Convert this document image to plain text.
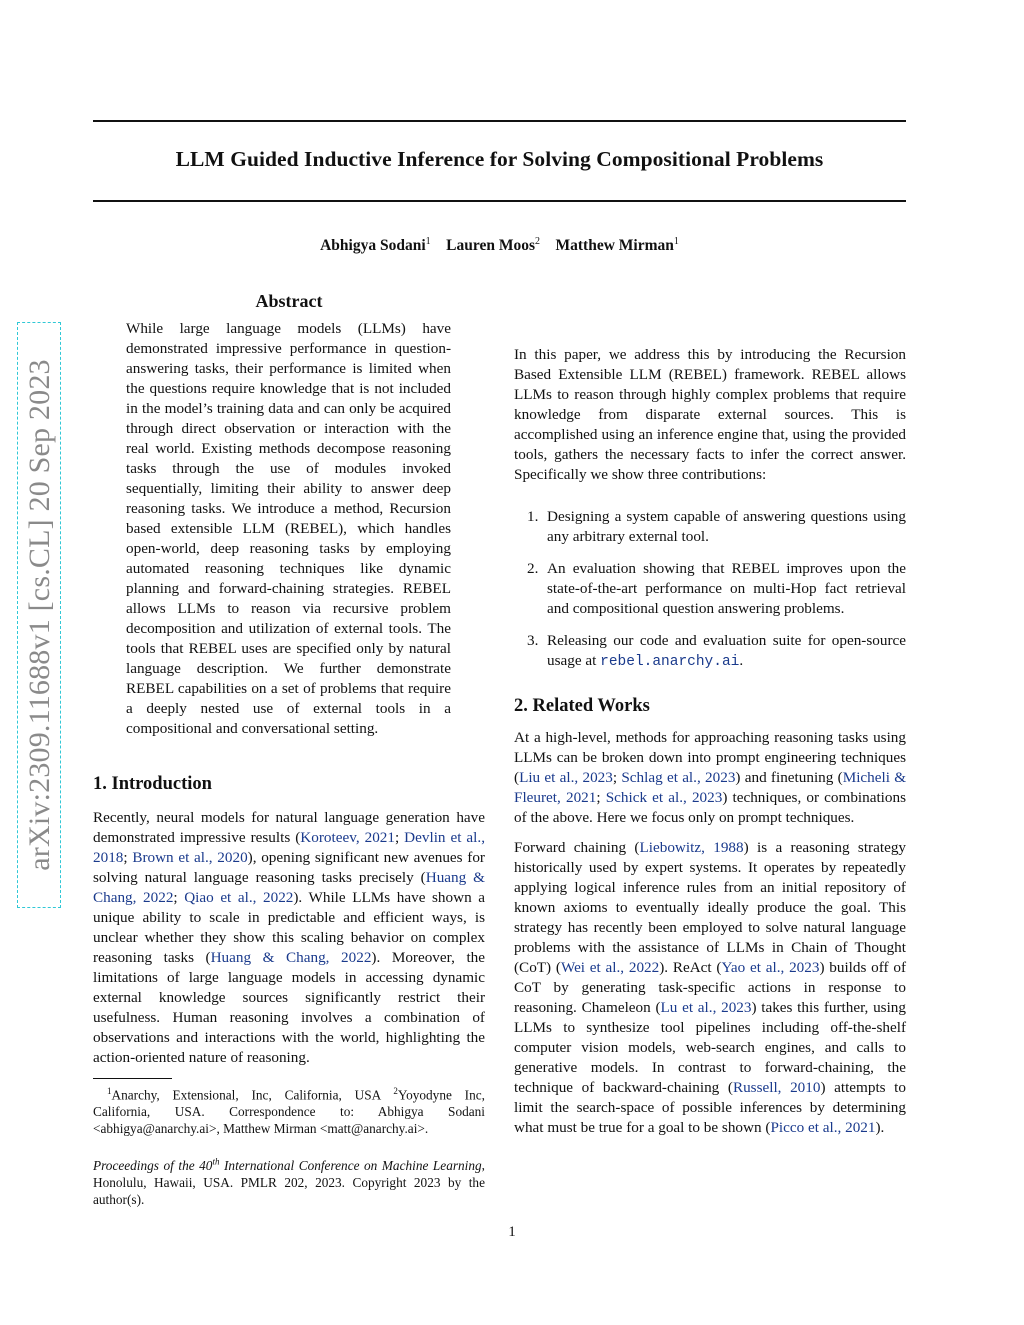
LLM Guided Inductive Inference for Solving Compositional Problems
Abhigya Sodani$^1$ Lauren Moos$^2$ Matthew Mirman$^1$
arXiv:2309.11688v1 [cs.CL] 20 Sep 2023
Abstract

While large language models (LLMs) have demonstrated impressive performance in question-answering tasks, their performance is limited when the questions require knowledge that is not included in the model’s training data and can only be acquired through direct observation or interaction with the real world. Existing methods decompose reasoning tasks through the use of modules invoked sequentially, limiting their ability to answer deep reasoning tasks. We introduce a method, Recursion based extensible LLM (REBEL), which handles open-world, deep reasoning tasks by employing automated reasoning techniques like dynamic planning and forward-chaining strategies. REBEL allows LLMs to reason via recursive problem decomposition and utilization of external tools. The tools that REBEL uses are specified only by natural language description. We further demonstrate REBEL capabilities on a set of problems that require a deeply nested use of external tools in a compositional and conversational setting.

1. Introduction

Recently, neural models for natural language generation have demonstrated impressive results (Koroteev, 2021; Devlin et al., 2018; Brown et al., 2020), opening significant new avenues for solving natural language reasoning tasks precisely (Huang & Chang, 2022; Qiao et al., 2022). While LLMs have shown a unique ability to scale in predictable and efficient ways, is unclear whether they show this scaling behavior on complex reasoning tasks (Huang & Chang, 2022). Moreover, the limitations of large language models in accessing dynamic external knowledge sources significantly restrict their usefulness. Human reasoning involves a combination of observations and interactions with the world, highlighting the action-oriented nature of reasoning.

$^1$Anarchy, Extensional, Inc, California, USA $^2$Yoyodyne Inc, California, USA. Correspondence to: Abhigya Sodani <abhigya@anarchy.ai>, Matthew Mirman <matt@anarchy.ai>.

Proceedings of the 40th International Conference on Machine Learning, Honolulu, Hawaii, USA. PMLR 202, 2023. Copyright 2023 by the author(s).

In this paper, we address this by introducing the Recursion Based Extensible LLM (REBEL) framework. REBEL allows LLMs to reason through highly complex problems that require knowledge from disparate external sources. This is accomplished using an inference engine that, using the provided tools, gathers the necessary facts to infer the correct answer. Specifically we show three contributions:

1. Designing a system capable of answering questions using any arbitrary external tool.
2. An evaluation showing that REBEL improves upon the state-of-the-art performance on multi-Hop fact retrieval and compositional question answering problems.
3. Releasing our code and evaluation suite for open-source usage at rebel.anarchy.ai.
2. Related Works

At a high-level, methods for approaching reasoning tasks using LLMs can be broken down into prompt engineering techniques (Liu et al., 2023; Schlag et al., 2023) and finetuning (Micheli & Fleuret, 2021; Schick et al., 2023) techniques, or combinations of the above. Here we focus only on prompt techniques.

Forward chaining (Liebowitz, 1988) is a reasoning strategy historically used by expert systems. It operates by repeatedly applying logical inference rules from an initial repository of known axioms to eventually ideally produce the goal. This strategy has recently been employed to solve natural language problems with the assistance of LLMs in Chain of Thought (CoT) (Wei et al., 2022). ReAct (Yao et al., 2023) builds off of CoT by generating task-specific actions in response to reasoning. Chameleon (Lu et al., 2023) takes this further, using LLMs to synthesize tool pipelines including off-the-shelf computer vision models, web-search engines, and calls to generative models. In contrast to forward-chaining, the technique of backward-chaining (Russell, 2010) attempts to limit the search-space of possible inferences by determining what must be true for a goal to be shown (Picco et al., 2021).

1
